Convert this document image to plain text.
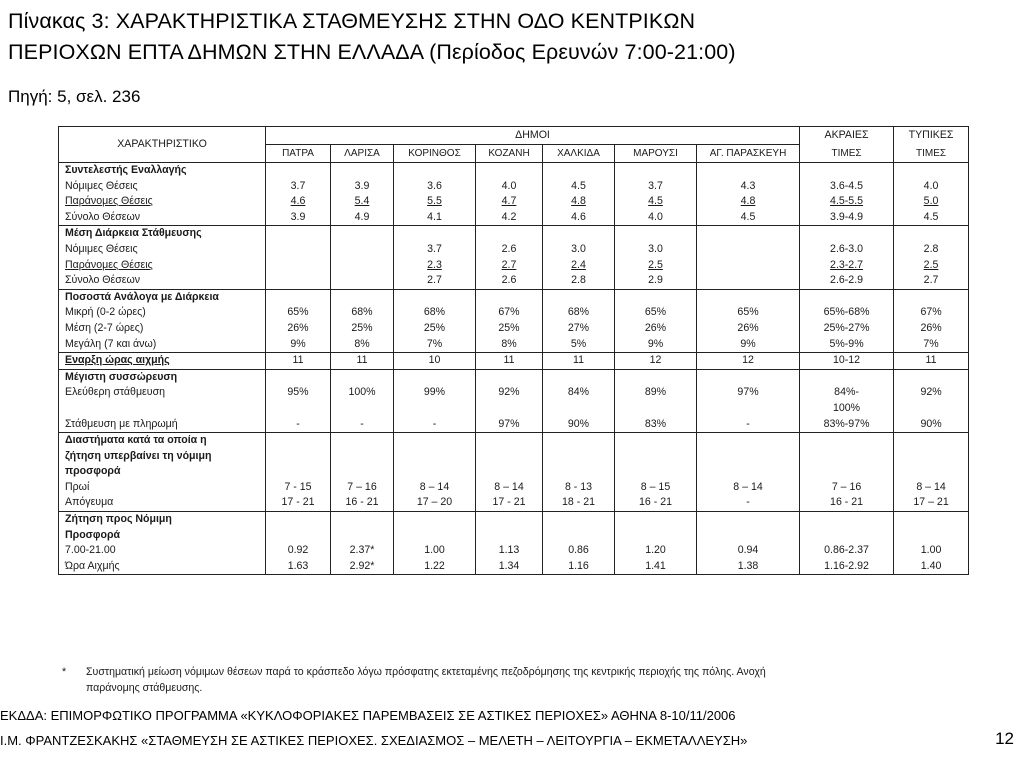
Πίνακας 3: ΧΑΡΑΚΤΗΡΙΣΤΙΚΑ ΣΤΑΘΜΕΥΣΗΣ ΣΤΗΝ ΟΔΟ ΚΕΝΤΡΙΚΩΝ
ΠΕΡΙΟΧΩΝ ΕΠΤΑ ΔΗΜΩΝ ΣΤΗΝ ΕΛΛΑΔΑ (Περίοδος Ερευνών 7:00-21:00)
Πηγή: 5, σελ. 236
ΧΑΡΑΚΤΗΡΙΣΤΙΚΟ	ΔΗΜΟΙ							ΑΚΡΑΙΕΣ	ΤΥΠΙΚΕΣ
	ΠΑΤΡΑ	ΛΑΡΙΣΑ	ΚΟΡΙΝΘΟΣ	ΚΟΖΑΝΗ	ΧΑΛΚΙΔΑ	ΜΑΡΟΥΣΙ	ΑΓ. ΠΑΡΑΣΚΕΥΗ	ΤΙΜΕΣ	ΤΙΜΕΣ
Συντελεστής Εναλλαγής									
Νόμιμες Θέσεις	3.7	3.9	3.6	4.0	4.5	3.7	4.3	3.6-4.5	4.0
Παράνομες Θέσεις	4.6	5.4	5.5	4.7	4.8	4.5	4.8	4.5-5.5	5.0
Σύνολο Θέσεων	3.9	4.9	4.1	4.2	4.6	4.0	4.5	3.9-4.9	4.5
Μέση Διάρκεια Στάθμευσης									
Νόμιμες Θέσεις			3.7	2.6	3.0	3.0		2.6-3.0	2.8
Παράνομες Θέσεις			2.3	2.7	2.4	2.5		2.3-2.7	2.5
Σύνολο Θέσεων			2.7	2.6	2.8	2.9		2.6-2.9	2.7
Ποσοστά Ανάλογα με Διάρκεια									
Μικρή (0-2 ώρες)	65%	68%	68%	67%	68%	65%	65%	65%-68%	67%
Μέση (2-7 ώρες)	26%	25%	25%	25%	27%	26%	26%	25%-27%	26%
Μεγάλη (7 και άνω)	9%	8%	7%	8%	5%	9%	9%	5%-9%	7%
Εναρξη ώρας αιχμής	11	11	10	11	11	12	12	10-12	11
Μέγιστη συσσώρευση									
Ελεύθερη στάθμευση	95%	100%	99%	92%	84%	89%	97%	84%-	92%
								100%	
Στάθμευση με πληρωμή	-	-	-	97%	90%	83%	-	83%-97%	90%
Διαστήματα κατά τα οποία η									
ζήτηση υπερβαίνει τη νόμιμη									
προσφορά									
Πρωί	7 - 15	7 – 16	8 – 14	8 – 14	8 - 13	8 – 15	8 – 14	7 – 16	8 – 14
Απόγευμα	17 - 21	16 - 21	17 – 20	17 - 21	18 - 21	16 - 21	-	16 - 21	17 – 21
Ζήτηση προς Νόμιμη									
Προσφορά									
7.00-21.00	0.92	2.37*	1.00	1.13	0.86	1.20	0.94	0.86-2.37	1.00
Ώρα Αιχμής	1.63	2.92*	1.22	1.34	1.16	1.41	1.38	1.16-2.92	1.40
* Συστηματική μείωση νόμιμων θέσεων παρά το κράσπεδο λόγω πρόσφατης εκτεταμένης πεζοδρόμησης της κεντρικής περιοχής της πόλης. Ανοχή
παράνομης στάθμευσης.
ΕΚΔΔΑ: ΕΠΙΜΟΡΦΩΤΙΚΟ ΠΡΟΓΡΑΜΜΑ «ΚΥΚΛΟΦΟΡΙΑΚΕΣ ΠΑΡΕΜΒΑΣΕΙΣ ΣΕ ΑΣΤΙΚΕΣ ΠΕΡΙΟΧΕΣ» ΑΘΗΝΑ 8-10/11/2006
Ι.Μ. ΦΡΑΝΤΖΕΣΚΑΚΗΣ «ΣΤΑΘΜΕΥΣΗ ΣΕ ΑΣΤΙΚΕΣ ΠΕΡΙΟΧΕΣ. ΣΧΕΔΙΑΣΜΟΣ – ΜΕΛΕΤΗ – ΛΕΙΤΟΥΡΓΙΑ – ΕΚΜΕΤΑΛΛΕΥΣΗ»	12
